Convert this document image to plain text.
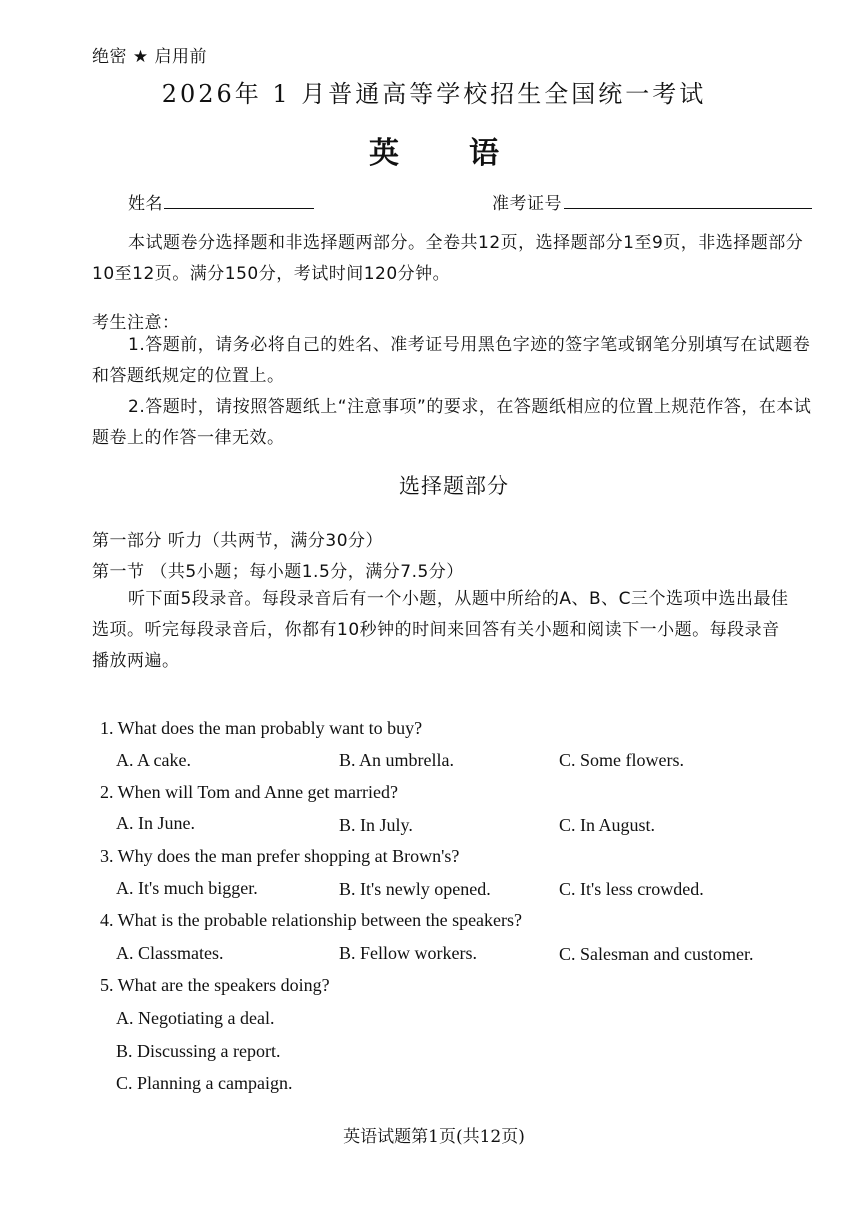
绝密 ★ 启用前
2026年 1 月普通高等学校招生全国统一考试
英语
姓名	准考证号
本试题卷分选择题和非选择题两部分。全卷共12页，选择题部分1至9页，非选择题部分10至12页。满分150分，考试时间120分钟。
考生注意：
1.答题前，请务必将自己的姓名、准考证号用黑色字迹的签字笔或钢笔分别填写在试题卷和答题纸规定的位置上。
2.答题时，请按照答题纸上“注意事项”的要求，在答题纸相应的位置上规范作答，在本试题卷上的作答一律无效。
选择题部分
第一部分 听力（共两节，满分30分）
第一节 （共5小题；每小题1.5分，满分7.5分）
听下面5段录音。每段录音后有一个小题，从题中所给的A、B、C三个选项中选出最佳选项。听完每段录音后，你都有10秒钟的时间来回答有关小题和阅读下一小题。每段录音播放两遍。
1. What does the man probably want to buy?
A. A cake.	B. An umbrella.	C. Some flowers.
2. When will Tom and Anne get married?
A. In June.	B. In July.	C. In August.
3. Why does the man prefer shopping at Brown's?
A. It's much bigger.	B. It's newly opened.	C. It's less crowded.
4. What is the probable relationship between the speakers?
A. Classmates.	B. Fellow workers.	C. Salesman and customer.
5. What are the speakers doing?
A. Negotiating a deal.
B. Discussing a report.
C. Planning a campaign.
英语试题第1页(共12页)
